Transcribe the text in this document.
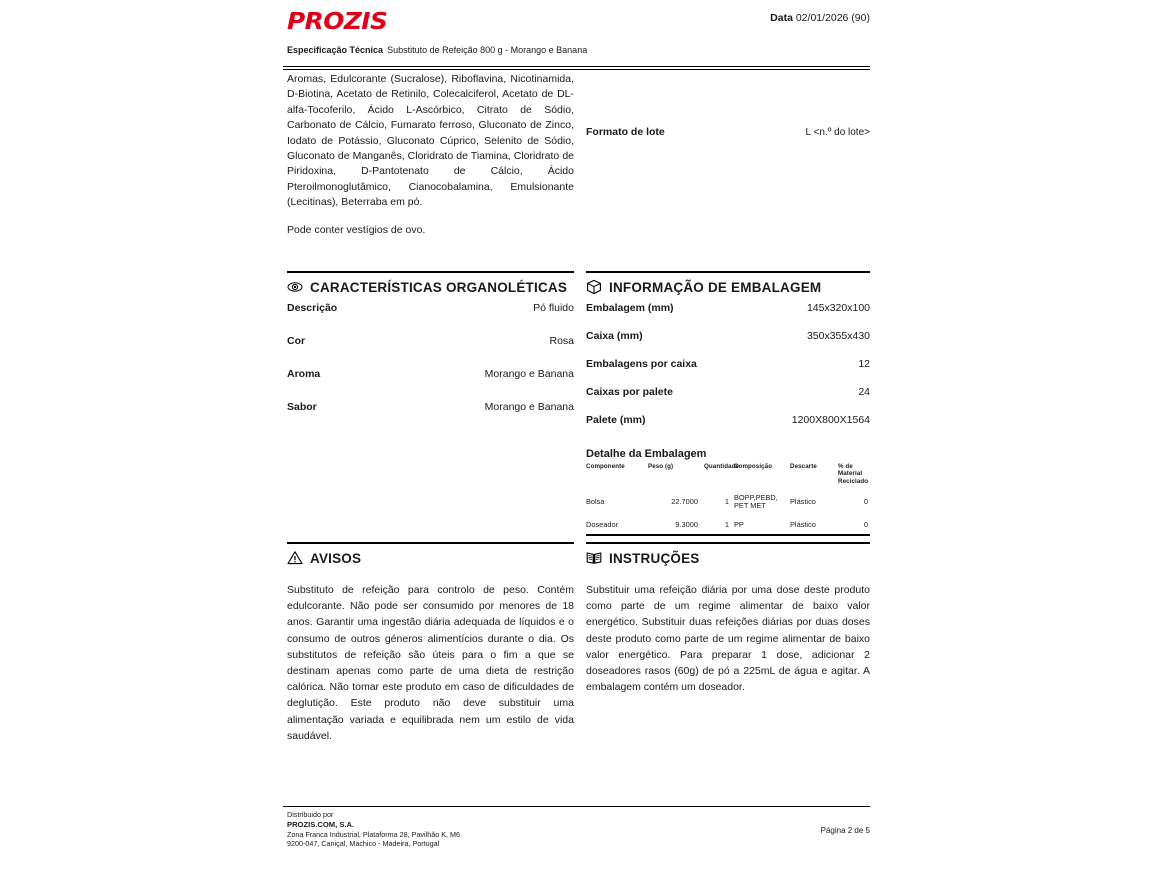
PROZIS	Data 02/01/2026 (90)
Especificação Técnica Substituto de Refeição 800 g - Morango e Banana

Aromas, Edulcorante (Sucralose), Riboflavina, Nicotinamida, D-Biotina, Acetato de Retinilo, Colecalciferol, Acetato de DL-alfa-Tocoferilo, Ácido L-Ascórbico, Citrato de Sódio, Carbonato de Cálcio, Fumarato ferroso, Gluconato de Zinco, Iodato de Potássio, Gluconato Cúprico, Selenito de Sódio, Gluconato de Manganês, Cloridrato de Tiamina, Cloridrato de Piridoxina, D-Pantotenato de Cálcio, Ácido Pteroilmonoglutâmico, Cianocobalamina, Emulsionante (Lecitinas), Beterraba em pó.

Pode conter vestígios de ovo.

Formato de lote	L <n.º do lote>
CARACTERÍSTICAS ORGANOLÉTICAS
Descrição	Pó fluido
Cor	Rosa
Aroma	Morango e Banana
Sabor	Morango e Banana
INFORMAÇÃO DE EMBALAGEM
Embalagem (mm)	145x320x100
Caixa (mm)	350x355x430
Embalagens por caixa	12
Caixas por palete	24
Palete (mm)	1200X800X1564
Detalhe da Embalagem
Componente	Peso (g)	Quantidade	Composição	Descarte	% de Material Reciclado
Bolsa	22.7000	1	BOPP,PEBD, PET MET	Plástico	0
Doseador	9.3000	1	PP	Plástico	0
AVISOS

Substituto de refeição para controlo de peso. Contém edulcorante. Não pode ser consumido por menores de 18 anos. Garantir uma ingestão diária adequada de líquidos e o consumo de outros géneros alimentícios durante o dia. Os substitutos de refeição são úteis para o fim a que se destinam apenas como parte de uma dieta de restrição calórica. Não tomar este produto em caso de dificuldades de deglutição. Este produto não deve substituir uma alimentação variada e equilibrada nem um estilo de vida saudável.

INSTRUÇÕES

Substituir uma refeição diária por uma dose deste produto como parte de um regime alimentar de baixo valor energético. Substituir duas refeições diárias por duas doses deste produto como parte de um regime alimentar de baixo valor energético. Para preparar 1 dose, adicionar 2 doseadores rasos (60g) de pó a 225mL de água e agitar. A embalagem contém um doseador.

Distribuido por
PROZIS.COM, S.A.
Zona Franca Industrial, Plataforma 28, Pavilhão K, M6
9200-047, Caniçal, Machico - Madeira, Portugal
Página 2 de 5
